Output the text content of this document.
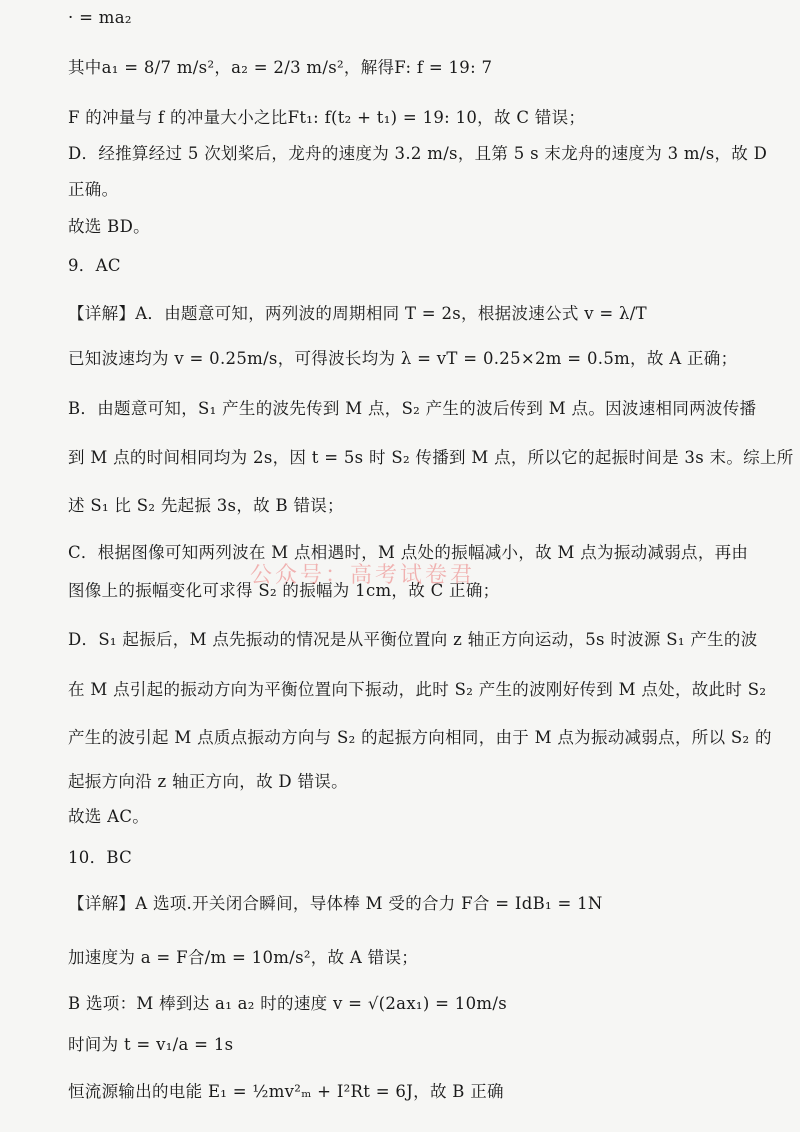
· = ma₂
其中a₁ = 8/7 m/s²，a₂ = 2/3 m/s²，解得F: f = 19: 7
F 的冲量与 f 的冲量大小之比Ft₁: f(t₂ + t₁) = 19: 10，故 C 错误；
D．经推算经过 5 次划桨后，龙舟的速度为 3.2 m/s，且第 5 s 末龙舟的速度为 3 m/s，故 D
正确。
故选 BD。
9．AC
【详解】A．由题意可知，两列波的周期相同 T = 2s，根据波速公式 v = λ/T
已知波速均为 v = 0.25m/s，可得波长均为 λ = vT = 0.25×2m = 0.5m，故 A 正确；
B．由题意可知，S₁ 产生的波先传到 M 点，S₂ 产生的波后传到 M 点。因波速相同两波传播
到 M 点的时间相同均为 2s，因 t = 5s 时 S₂ 传播到 M 点，所以它的起振时间是 3s 末。综上所
述 S₁ 比 S₂ 先起振 3s，故 B 错误；
C．根据图像可知两列波在 M 点相遇时，M 点处的振幅减小，故 M 点为振动减弱点，再由
图像上的振幅变化可求得 S₂ 的振幅为 1cm，故 C 正确；
D．S₁ 起振后，M 点先振动的情况是从平衡位置向 z 轴正方向运动，5s 时波源 S₁ 产生的波
在 M 点引起的振动方向为平衡位置向下振动，此时 S₂ 产生的波刚好传到 M 点处，故此时 S₂
产生的波引起 M 点质点振动方向与 S₂ 的起振方向相同，由于 M 点为振动减弱点，所以 S₂ 的
起振方向沿 z 轴正方向，故 D 错误。
故选 AC。
10．BC
【详解】A 选项.开关闭合瞬间，导体棒 M 受的合力 F合 = IdB₁ = 1N
加速度为 a = F合/m = 10m/s²，故 A 错误；
B 选项：M 棒到达 a₁ a₂ 时的速度 v = √(2ax₁) = 10m/s
时间为 t = v₁/a = 1s
恒流源输出的电能 E₁ = ½mv²ₘ + I²Rt = 6J，故 B 正确
公众号：高考试卷君
